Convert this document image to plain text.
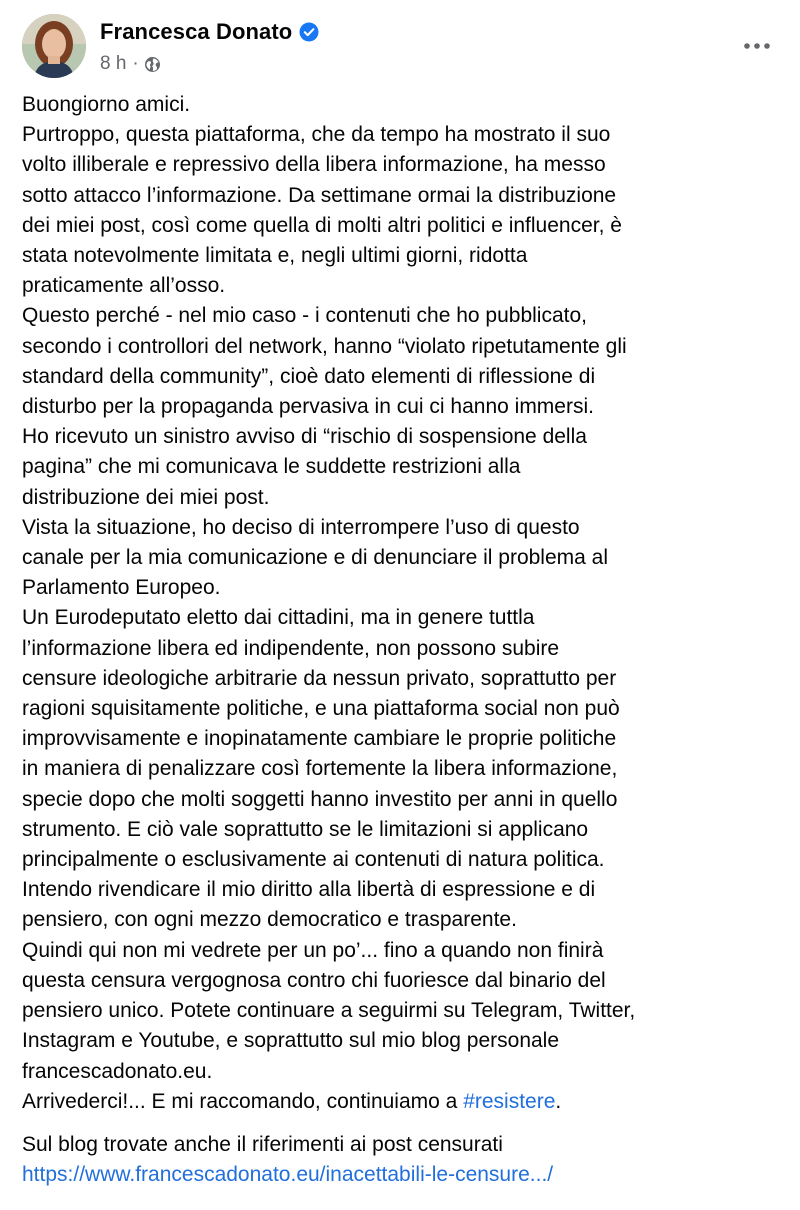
Francesca Donato
8 h ·
Buongiorno amici.
Purtroppo, questa piattaforma, che da tempo ha mostrato il suo
volto illiberale e repressivo della libera informazione, ha messo
sotto attacco l’informazione. Da settimane ormai la distribuzione
dei miei post, così come quella di molti altri politici e influencer, è
stata notevolmente limitata e, negli ultimi giorni, ridotta
praticamente all’osso.
Questo perché - nel mio caso - i contenuti che ho pubblicato,
secondo i controllori del network, hanno “violato ripetutamente gli
standard della community”, cioè dato elementi di riflessione di
disturbo per la propaganda pervasiva in cui ci hanno immersi.
Ho ricevuto un sinistro avviso di “rischio di sospensione della
pagina” che mi comunicava le suddette restrizioni alla
distribuzione dei miei post.
Vista la situazione, ho deciso di interrompere l’uso di questo
canale per la mia comunicazione e di denunciare il problema al
Parlamento Europeo.
Un Eurodeputato eletto dai cittadini, ma in genere tuttla
l’informazione libera ed indipendente, non possono subire
censure ideologiche arbitrarie da nessun privato, soprattutto per
ragioni squisitamente politiche, e una piattaforma social non può
improvvisamente e inopinatamente cambiare le proprie politiche
in maniera di penalizzare così fortemente la libera informazione,
specie dopo che molti soggetti hanno investito per anni in quello
strumento. E ciò vale soprattutto se le limitazioni si applicano
principalmente o esclusivamente ai contenuti di natura politica.
Intendo rivendicare il mio diritto alla libertà di espressione e di
pensiero, con ogni mezzo democratico e trasparente.
Quindi qui non mi vedrete per un po’... fino a quando non finirà
questa censura vergognosa contro chi fuoriesce dal binario del
pensiero unico. Potete continuare a seguirmi su Telegram, Twitter,
Instagram e Youtube, e soprattutto sul mio blog personale
francescadonato.eu.
Arrivederci!... E mi raccomando, continuiamo a #resistere.
Sul blog trovate anche il riferimenti ai post censurati
https://www.francescadonato.eu/inacettabili-le-censure.../
